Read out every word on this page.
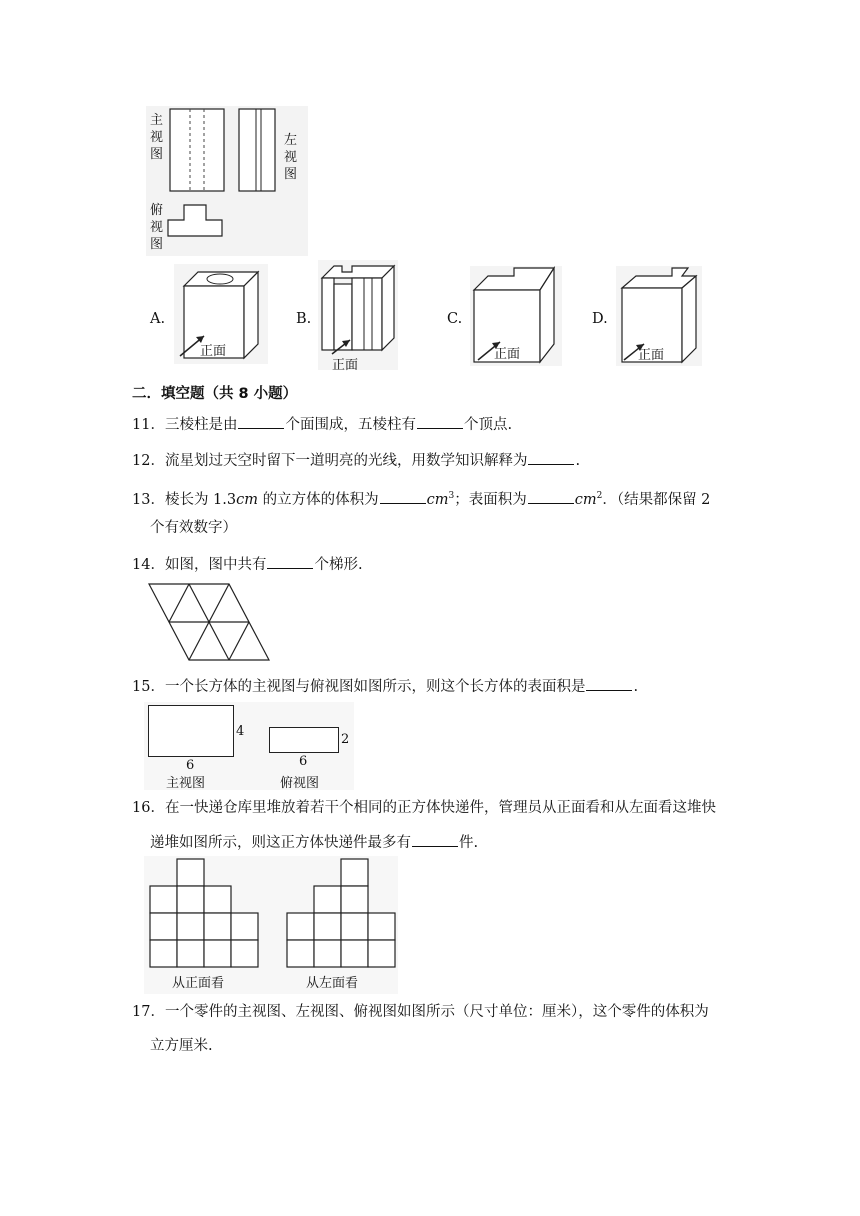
主
视
图
左
视
图
俯
视
图
A.
正面
B.
正面
C.
正面
D.
正面
二．填空题（共 8 小题）
11．三棱柱是由	个面围成，五棱柱有	个顶点.
12．流星划过天空时留下一道明亮的光线，用数学知识解释为	.
13．棱长为 1.3cm 的立方体的体积为	$cm^3$；表面积为	$cm^2$．（结果都保留 2
个有效数字）
14．如图，图中共有	个梯形.
15．一个长方体的主视图与俯视图如图所示，则这个长方体的表面积是	.
4
6
主视图
2
6
俯视图
16．在一快递仓库里堆放着若干个相同的正方体快递件，管理员从正面看和从左面看这堆快
递堆如图所示，则这正方体快递件最多有	件.
从正面看	从左面看
17．一个零件的主视图、左视图、俯视图如图所示（尺寸单位：厘米），这个零件的体积为
立方厘米.
